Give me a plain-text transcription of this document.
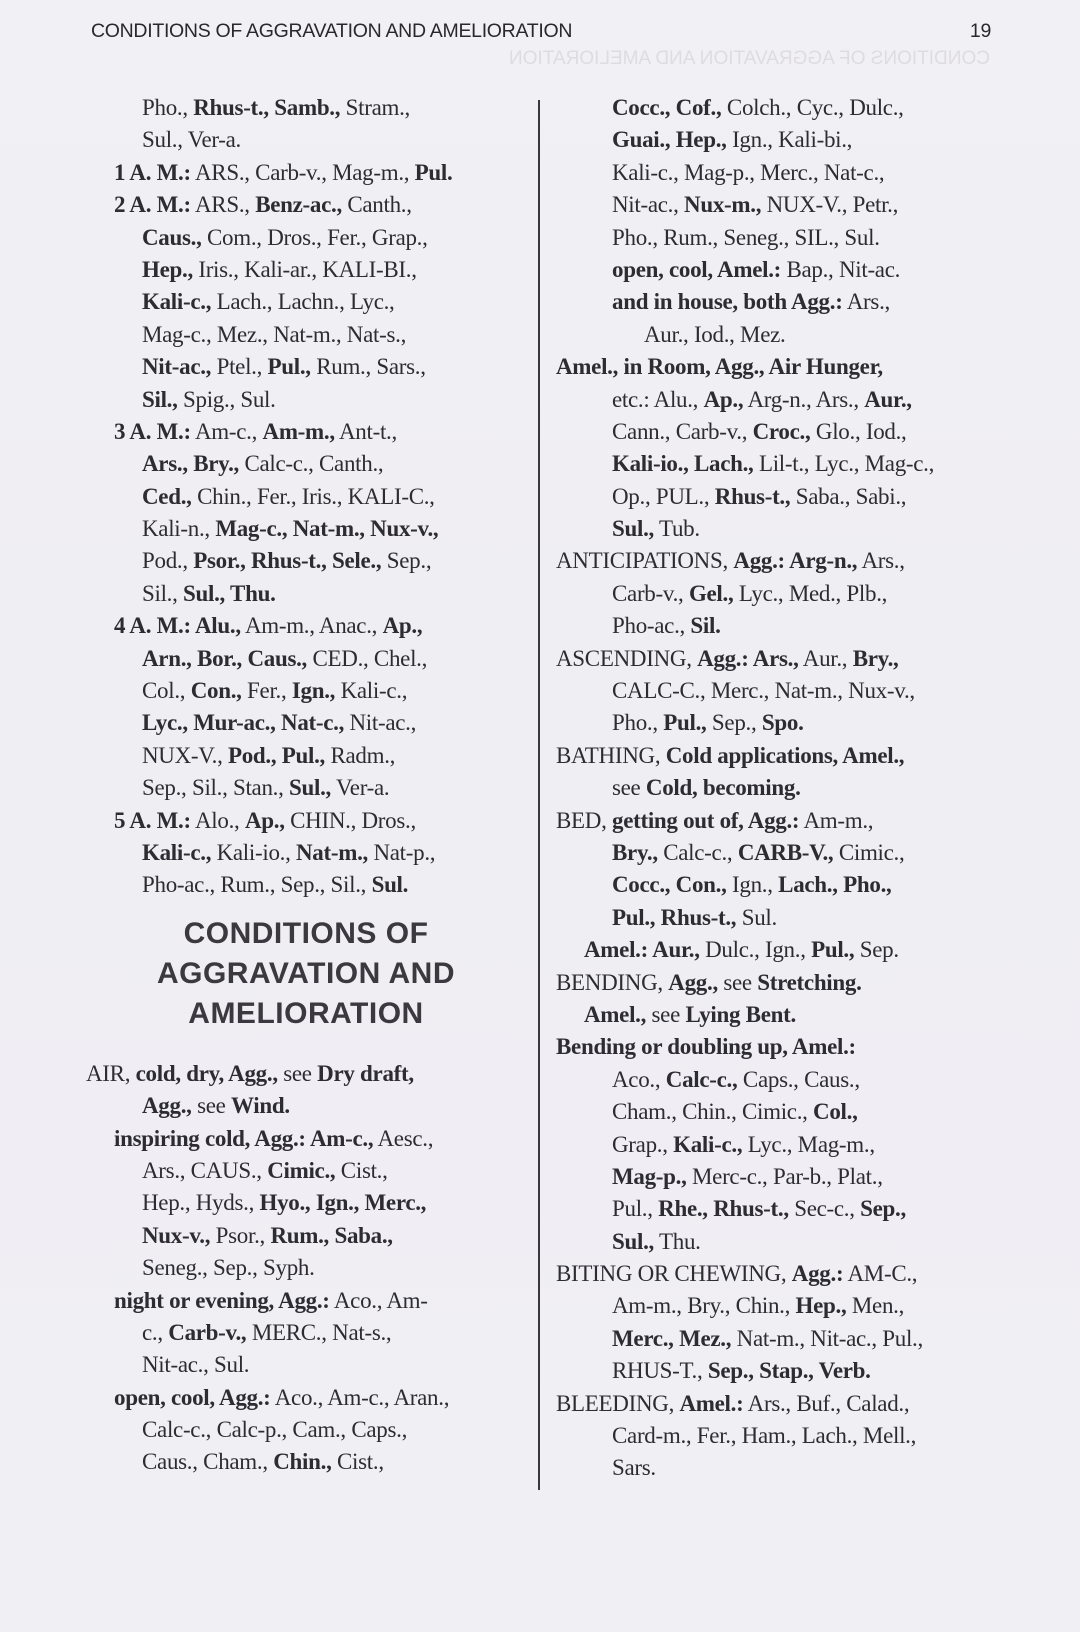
CONDITIONS OF AGGRAVATION AND AMELIORATION
CONDITIONS OF AGGRAVATION AND AMELIORATION	19
Pho., Rhus-t., Samb., Stram.,
Sul., Ver-a.
1 A. M.: ARS., Carb-v., Mag-m., Pul.
2 A. M.: ARS., Benz-ac., Canth.,
Caus., Com., Dros., Fer., Grap.,
Hep., Iris., Kali-ar., KALI-BI.,
Kali-c., Lach., Lachn., Lyc.,
Mag-c., Mez., Nat-m., Nat-s.,
Nit-ac., Ptel., Pul., Rum., Sars.,
Sil., Spig., Sul.
3 A. M.: Am-c., Am-m., Ant-t.,
Ars., Bry., Calc-c., Canth.,
Ced., Chin., Fer., Iris., KALI-C.,
Kali-n., Mag-c., Nat-m., Nux-v.,
Pod., Psor., Rhus-t., Sele., Sep.,
Sil., Sul., Thu.
4 A. M.: Alu., Am-m., Anac., Ap.,
Arn., Bor., Caus., CED., Chel.,
Col., Con., Fer., Ign., Kali-c.,
Lyc., Mur-ac., Nat-c., Nit-ac.,
NUX-V., Pod., Pul., Radm.,
Sep., Sil., Stan., Sul., Ver-a.
5 A. M.: Alo., Ap., CHIN., Dros.,
Kali-c., Kali-io., Nat-m., Nat-p.,
Pho-ac., Rum., Sep., Sil., Sul.
CONDITIONS OF
AGGRAVATION AND
AMELIORATION
AIR, cold, dry, Agg., see Dry draft,
Agg., see Wind.
inspiring cold, Agg.: Am-c., Aesc.,
Ars., CAUS., Cimic., Cist.,
Hep., Hyds., Hyo., Ign., Merc.,
Nux-v., Psor., Rum., Saba.,
Seneg., Sep., Syph.
night or evening, Agg.: Aco., Am-
c., Carb-v., MERC., Nat-s.,
Nit-ac., Sul.
open, cool, Agg.: Aco., Am-c., Aran.,
Calc-c., Calc-p., Cam., Caps.,
Caus., Cham., Chin., Cist.,
Cocc., Cof., Colch., Cyc., Dulc.,
Guai., Hep., Ign., Kali-bi.,
Kali-c., Mag-p., Merc., Nat-c.,
Nit-ac., Nux-m., NUX-V., Petr.,
Pho., Rum., Seneg., SIL., Sul.
open, cool, Amel.: Bap., Nit-ac.
and in house, both Agg.: Ars.,
Aur., Iod., Mez.
Amel., in Room, Agg., Air Hunger,
etc.: Alu., Ap., Arg-n., Ars., Aur.,
Cann., Carb-v., Croc., Glo., Iod.,
Kali-io., Lach., Lil-t., Lyc., Mag-c.,
Op., PUL., Rhus-t., Saba., Sabi.,
Sul., Tub.
ANTICIPATIONS, Agg.: Arg-n., Ars.,
Carb-v., Gel., Lyc., Med., Plb.,
Pho-ac., Sil.
ASCENDING, Agg.: Ars., Aur., Bry.,
CALC-C., Merc., Nat-m., Nux-v.,
Pho., Pul., Sep., Spo.
BATHING, Cold applications, Amel.,
see Cold, becoming.
BED, getting out of, Agg.: Am-m.,
Bry., Calc-c., CARB-V., Cimic.,
Cocc., Con., Ign., Lach., Pho.,
Pul., Rhus-t., Sul.
Amel.: Aur., Dulc., Ign., Pul., Sep.
BENDING, Agg., see Stretching.
Amel., see Lying Bent.
Bending or doubling up, Amel.:
Aco., Calc-c., Caps., Caus.,
Cham., Chin., Cimic., Col.,
Grap., Kali-c., Lyc., Mag-m.,
Mag-p., Merc-c., Par-b., Plat.,
Pul., Rhe., Rhus-t., Sec-c., Sep.,
Sul., Thu.
BITING OR CHEWING, Agg.: AM-C.,
Am-m., Bry., Chin., Hep., Men.,
Merc., Mez., Nat-m., Nit-ac., Pul.,
RHUS-T., Sep., Stap., Verb.
BLEEDING, Amel.: Ars., Buf., Calad.,
Card-m., Fer., Ham., Lach., Mell.,
Sars.
